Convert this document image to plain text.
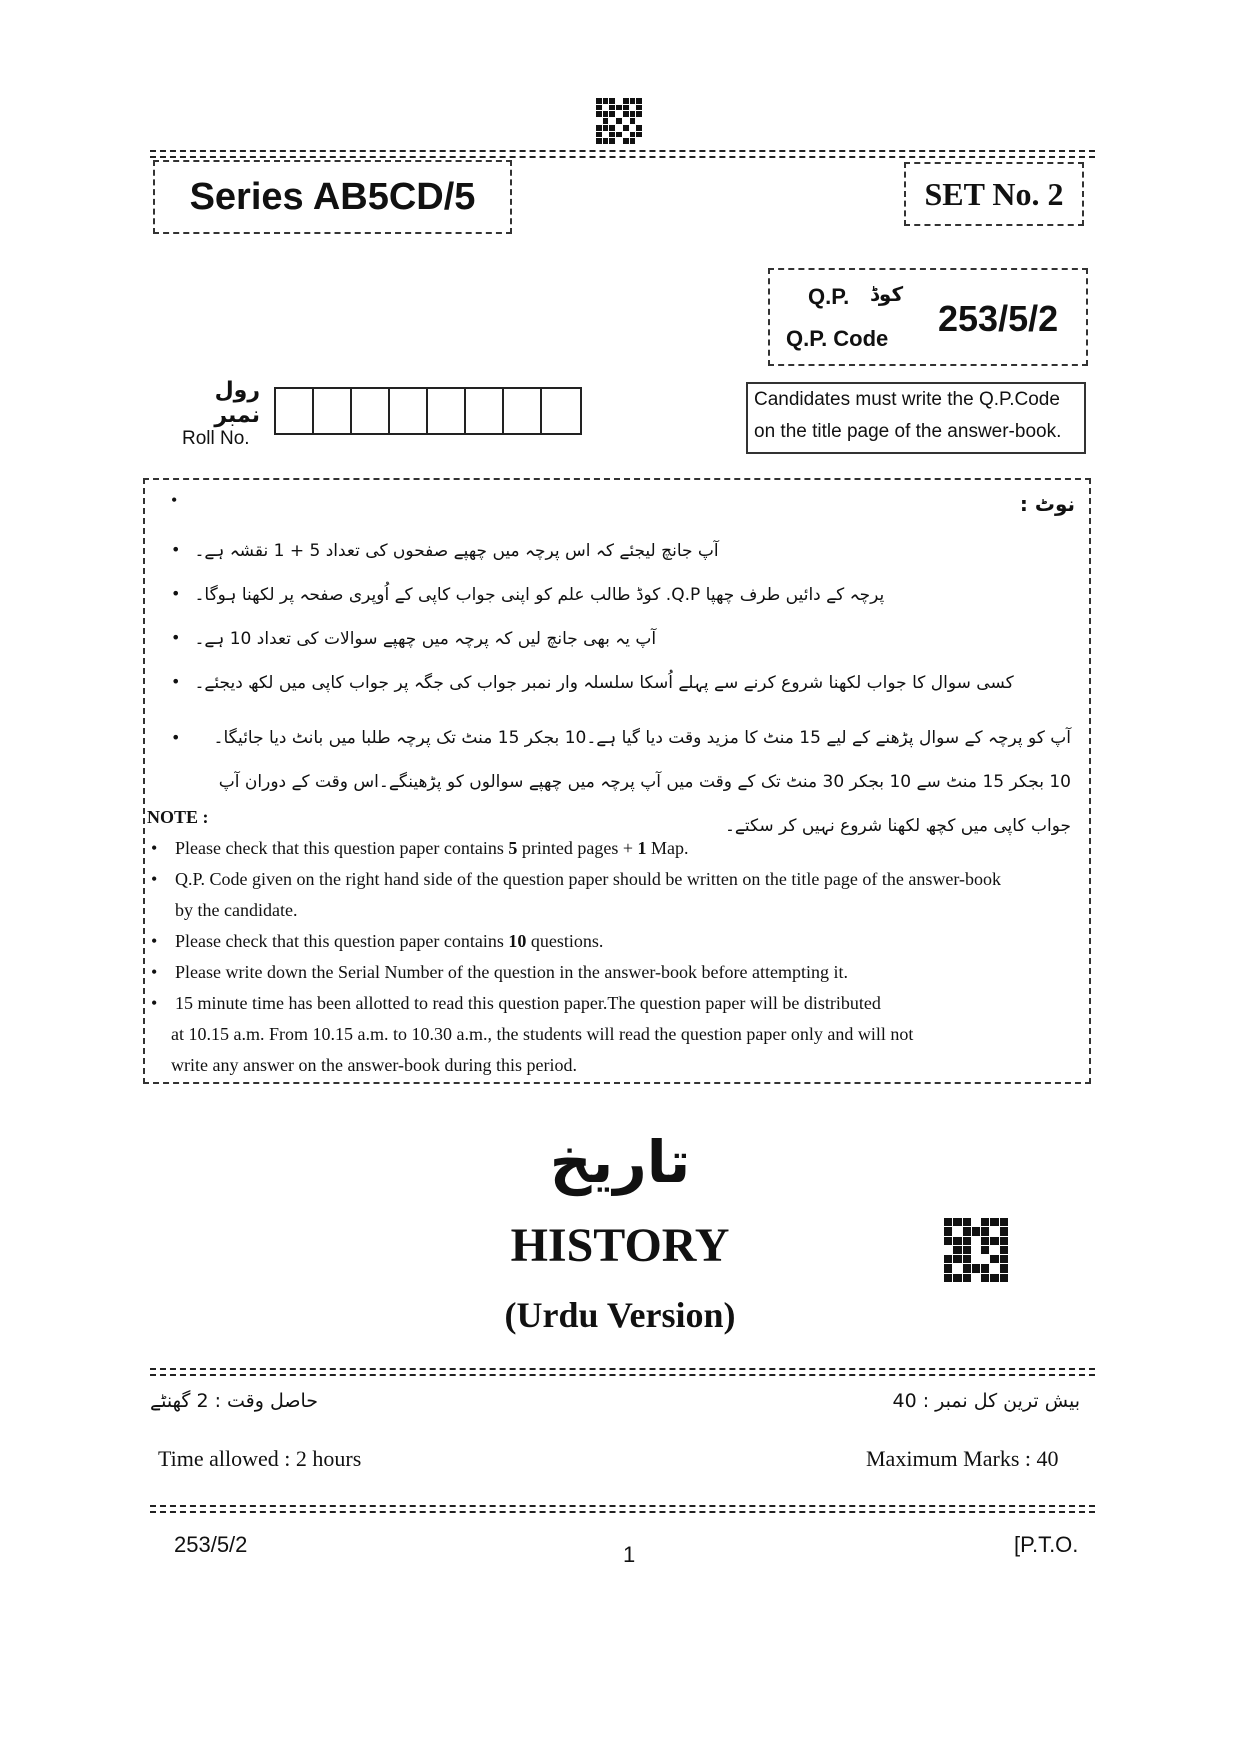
Series AB5CD/5	SET No. 2
Q.P. کوڈ
Q.P. Code 253/5/2
رول نمبر
Roll No.
Candidates must write the Q.P.Code
on the title page of the answer-book.
•	نوٹ :
• آپ جانچ لیجئے کہ اس پرچہ میں چھپے صفحوں کی تعداد 5 + 1 نقشہ ہے۔
• پرچہ کے دائیں طرف چھپا Q.P. کوڈ طالب علم کو اپنی جواب کاپی کے اُوپری صفحہ پر لکھنا ہوگا۔
• آپ یہ بھی جانچ لیں کہ پرچہ میں چھپے سوالات کی تعداد 10 ہے۔
• کسی سوال کا جواب لکھنا شروع کرنے سے پہلے اُسکا سلسلہ وار نمبر جواب کی جگہ پر جواب کاپی میں لکھ دیجئے۔
•	آپ کو پرچہ کے سوال پڑھنے کے لیے 15 منٹ کا مزید وقت دیا گیا ہے۔10 بجکر 15 منٹ تک پرچہ طلبا میں بانٹ دیا جائیگا۔10 بجکر 15 منٹ سے 10 بجکر 30 منٹ تک کے وقت میں آپ پرچہ میں چھپے سوالوں کو پڑھینگے۔اس وقت کے دوران آپ جواب کاپی میں کچھ لکھنا شروع نہیں کر سکتے۔
NOTE :
• Please check that this question paper contains 5 printed pages + 1 Map.
• Q.P. Code given on the right hand side of the question paper should be written on the title page of the answer-book by the candidate.
• Please check that this question paper contains 10 questions.
• Please write down the Serial Number of the question in the answer-book before attempting it.
• 15 minute time has been allotted to read this question paper.The question paper will be distributed
at 10.15 a.m. From 10.15 a.m. to 10.30 a.m., the students will read the question paper only and will not
write any answer on the answer-book during this period.
تاریخ
HISTORY
(Urdu Version)
حاصل وقت : 2 گھنٹے	بیش ترین کل نمبر : 40
Time allowed : 2 hours	Maximum Marks : 40
253/5/2	1	[P.T.O.
